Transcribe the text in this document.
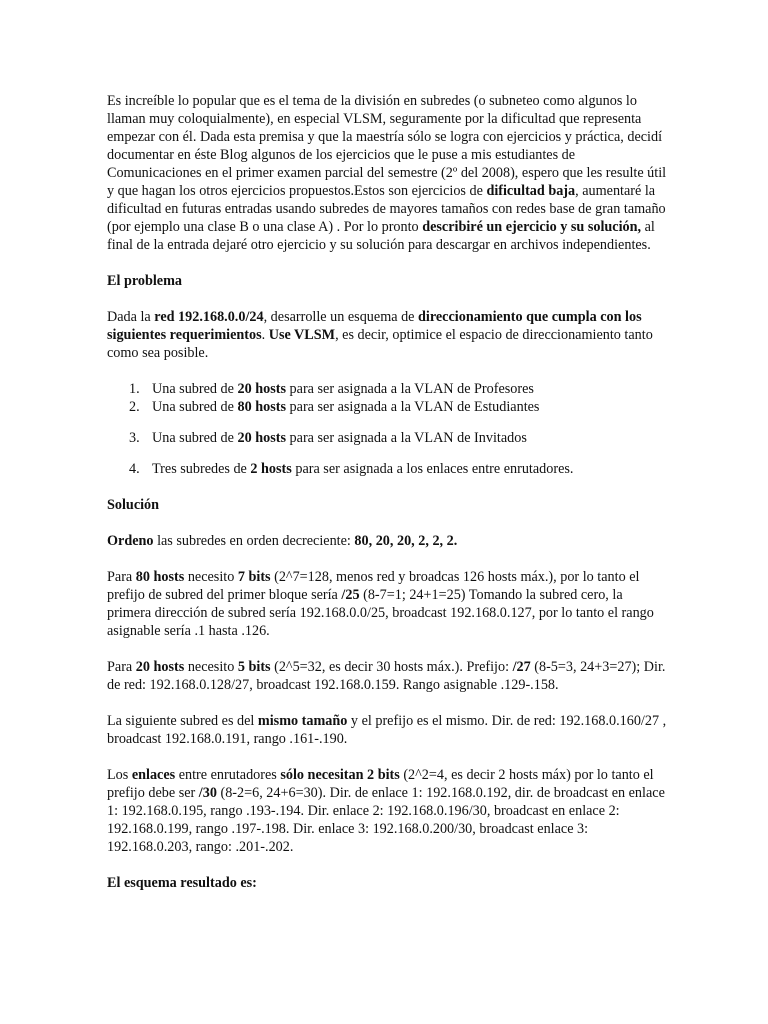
Es increíble lo popular que es el tema de la división en subredes (o subneteo como algunos lo llaman muy coloquialmente), en especial VLSM, seguramente por la dificultad que representa empezar con él. Dada esta premisa y que la maestría sólo se logra con ejercicios y práctica, decidí documentar en éste Blog algunos de los ejercicios que le puse a mis estudiantes de Comunicaciones en el primer examen parcial del semestre (2º del 2008), espero que les resulte útil y que hagan los otros ejercicios propuestos.Estos son ejercicios de dificultad baja, aumentaré la dificultad en futuras entradas usando subredes de mayores tamaños con redes base de gran tamaño (por ejemplo una clase B o una clase A) . Por lo pronto describiré un ejercicio y su solución, al final de la entrada dejaré otro ejercicio y su solución para descargar en archivos independientes.

El problema

Dada la red 192.168.0.0/24, desarrolle un esquema de direccionamiento que cumpla con los siguientes requerimientos. Use VLSM, es decir, optimice el espacio de direccionamiento tanto como sea posible.

1. Una subred de 20 hosts para ser asignada a la VLAN de Profesores
2. Una subred de 80 hosts para ser asignada a la VLAN de Estudiantes
3. Una subred de 20 hosts para ser asignada a la VLAN de Invitados
4. Tres subredes de 2 hosts para ser asignada a los enlaces entre enrutadores.
Solución

Ordeno las subredes en orden decreciente: 80, 20, 20, 2, 2, 2.

Para 80 hosts necesito 7 bits (2^7=128, menos red y broadcas 126 hosts máx.), por lo tanto el prefijo de subred del primer bloque sería /25 (8-7=1; 24+1=25) Tomando la subred cero, la primera dirección de subred sería 192.168.0.0/25, broadcast 192.168.0.127, por lo tanto el rango asignable sería .1 hasta .126.

Para 20 hosts necesito 5 bits (2^5=32, es decir 30 hosts máx.). Prefijo: /27 (8-5=3, 24+3=27); Dir. de red: 192.168.0.128/27, broadcast 192.168.0.159. Rango asignable .129-.158.

La siguiente subred es del mismo tamaño y el prefijo es el mismo. Dir. de red: 192.168.0.160/27 , broadcast 192.168.0.191, rango .161-.190.

Los enlaces entre enrutadores sólo necesitan 2 bits (2^2=4, es decir 2 hosts máx) por lo tanto el prefijo debe ser /30 (8-2=6, 24+6=30). Dir. de enlace 1: 192.168.0.192, dir. de broadcast en enlace 1: 192.168.0.195, rango .193-.194. Dir. enlace 2: 192.168.0.196/30, broadcast en enlace 2: 192.168.0.199, rango .197-.198. Dir. enlace 3: 192.168.0.200/30, broadcast enlace 3: 192.168.0.203, rango: .201-.202.

El esquema resultado es:
